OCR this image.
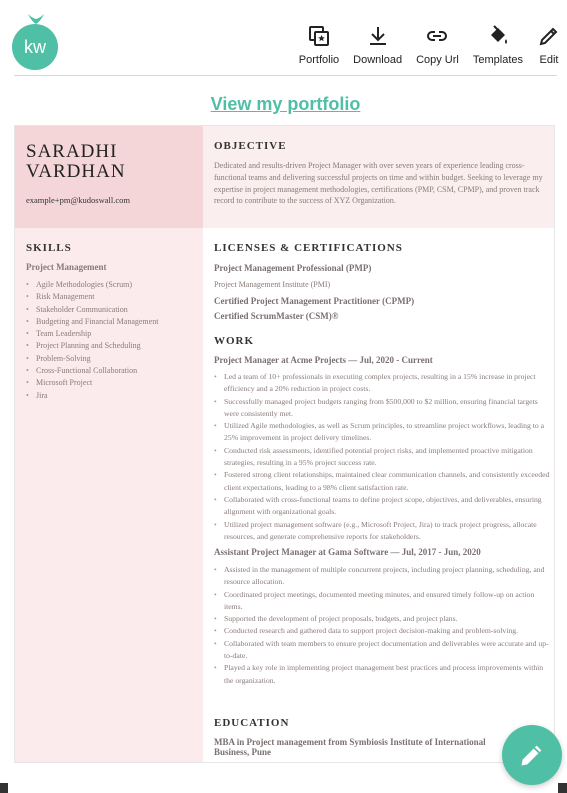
kw
Portfolio Download Copy Url Templates Edit
View my portfolio
SARADHI
VARDHAN
example+pm@kudoswall.com
OBJECTIVE
Dedicated and results-driven Project Manager with over seven years of experience leading cross-functional teams and delivering successful projects on time and within budget. Seeking to leverage my expertise in project management methodologies, certifications (PMP, CSM, CPMP), and proven track record to contribute to the success of XYZ Organization.
SKILLS
Project Management
• Agile Methodologies (Scrum)
• Risk Management
• Stakeholder Communication
• Budgeting and Financial Management
• Team Leadership
• Project Planning and Scheduling
• Problem-Solving
• Cross-Functional Collaboration
• Microsoft Project
• Jira
LICENSES & CERTIFICATIONS
Project Management Professional (PMP)
Project Management Institute (PMI)
Certified Project Management Practitioner (CPMP)
Certified ScrumMaster (CSM)®
WORK
Project Manager at Acme Projects — Jul, 2020 - Current
• Led a team of 10+ professionals in executing complex projects, resulting in a 15% increase in project efficiency and a 20% reduction in project costs.
• Successfully managed project budgets ranging from $500,000 to $2 million, ensuring financial targets were consistently met.
• Utilized Agile methodologies, as well as Scrum principles, to streamline project workflows, leading to a 25% improvement in project delivery timelines.
• Conducted risk assessments, identified potential project risks, and implemented proactive mitigation strategies, resulting in a 95% project success rate.
• Fostered strong client relationships, maintained clear communication channels, and consistently exceeded client expectations, leading to a 98% client satisfaction rate.
• Collaborated with cross-functional teams to define project scope, objectives, and deliverables, ensuring alignment with organizational goals.
• Utilized project management software (e.g., Microsoft Project, Jira) to track project progress, allocate resources, and generate comprehensive reports for stakeholders.
Assistant Project Manager at Gama Software — Jul, 2017 - Jun, 2020
• Assisted in the management of multiple concurrent projects, including project planning, scheduling, and resource allocation.
• Coordinated project meetings, documented meeting minutes, and ensured timely follow-up on action items.
• Supported the development of project proposals, budgets, and project plans.
• Conducted research and gathered data to support project decision-making and problem-solving.
• Collaborated with team members to ensure project documentation and deliverables were accurate and up-to-date.
• Played a key role in implementing project management best practices and process improvements within the organization.
EDUCATION
MBA in Project management from Symbiosis Institute of International Business, Pune
